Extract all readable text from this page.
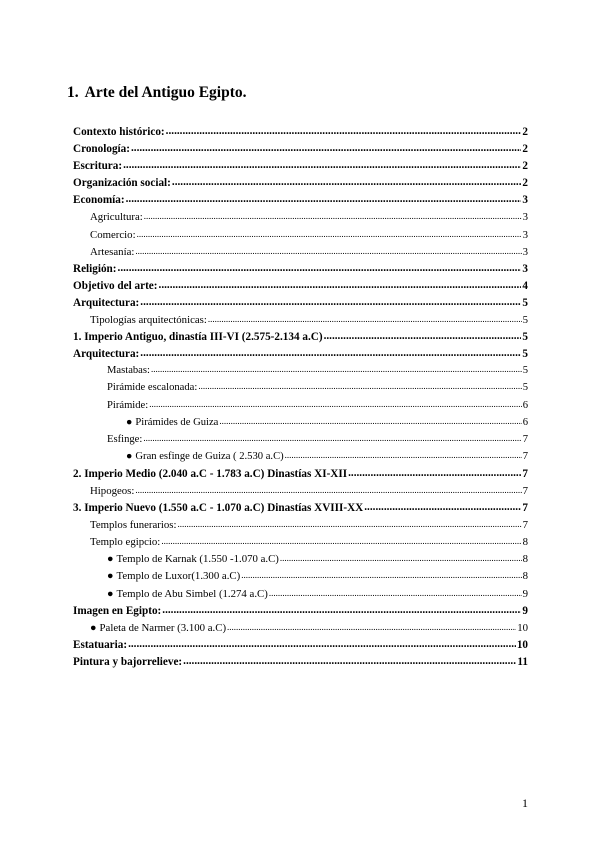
1. Arte del Antiguo Egipto.
Contexto histórico: .....	2
Cronología: .....	2
Escritura: .....	2
Organización social: .....	2
Economía: .....	3
Agricultura: .....	3
Comercio: .....	3
Artesanía: .....	3
Religión: .....	3
Objetivo del arte: .....	4
Arquitectura: .....	5
Tipologías arquitectónicas: .....	5
1. Imperio Antiguo, dinastía III-VI (2.575-2.134 a.C) .....	5
Arquitectura: .....	5
Mastabas: .....	5
Pirámide escalonada: .....	5
Pirámide: .....	6
● Pirámides de Guiza .....	6
Esfinge: .....	7
● Gran esfinge de Guiza ( 2.530 a.C) .....	7
2. Imperio Medio (2.040 a.C - 1.783 a.C) Dinastías XI-XII .....	7
Hipogeos: .....	7
3. Imperio Nuevo (1.550 a.C - 1.070 a.C) Dinastías XVIII-XX .....	7
Templos funerarios: .....	7
Templo egipcio: .....	8
● Templo de Karnak (1.550 -1.070 a.C) .....	8
● Templo de Luxor(1.300 a.C) .....	8
● Templo de Abu Simbel (1.274 a.C) .....	9
Imagen en Egipto: .....	9
● Paleta de Narmer (3.100 a.C) .....	10
Estatuaria: .....	10
Pintura y bajorrelieve: .....	11
1
